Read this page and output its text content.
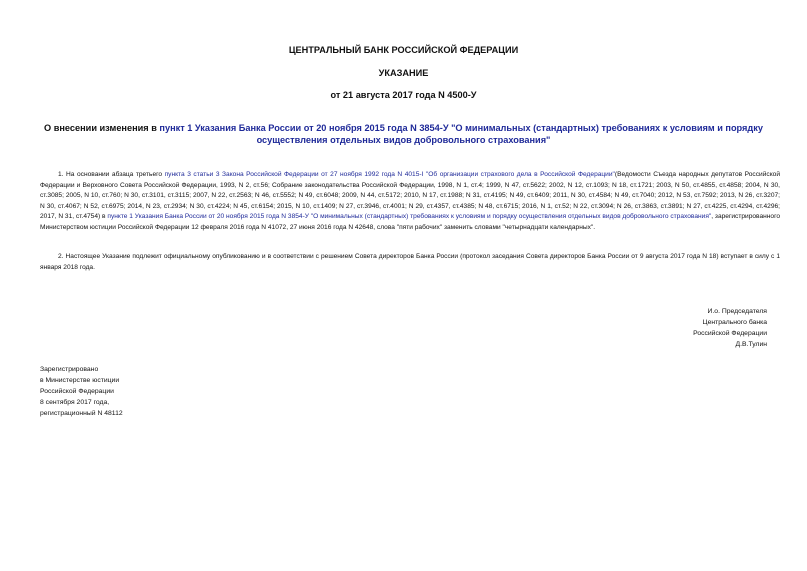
ЦЕНТРАЛЬНЫЙ БАНК РОССИЙСКОЙ ФЕДЕРАЦИИ
УКАЗАНИЕ
от 21 августа 2017 года N 4500-У
О внесении изменения в пункт 1 Указания Банка России от 20 ноября 2015 года N 3854-У "О минимальных (стандартных) требованиях к условиям и порядку осуществления отдельных видов добровольного страхования"
1. На основании абзаца третьего пункта 3 статьи 3 Закона Российской Федерации от 27 ноября 1992 года N 4015-I "Об организации страхового дела в Российской Федерации"(Ведомости Съезда народных депутатов Российской Федерации и Верховного Совета Российской Федерации, 1993, N 2, ст.56; Собрание законодательства Российской Федерации, 1998, N 1, ст.4; 1999, N 47, ст.5622; 2002, N 12, ст.1093; N 18, ст.1721; 2003, N 50, ст.4855, ст.4858; 2004, N 30, ст.3085; 2005, N 10, ст.760; N 30, ст.3101, ст.3115; 2007, N 22, ст.2563; N 46, ст.5552; N 49, ст.6048; 2009, N 44, ст.5172; 2010, N 17, ст.1988; N 31, ст.4195; N 49, ст.6409; 2011, N 30, ст.4584; N 49, ст.7040; 2012, N 53, ст.7592; 2013, N 26, ст.3207; N 30, ст.4067; N 52, ст.6975; 2014, N 23, ст.2934; N 30, ст.4224; N 45, ст.6154; 2015, N 10, ст.1409; N 27, ст.3946, ст.4001; N 29, ст.4357, ст.4385; N 48, ст.6715; 2016, N 1, ст.52; N 22, ст.3094; N 26, ст.3863, ст.3891; N 27, ст.4225, ст.4294, ст.4296; 2017, N 31, ст.4754) в пункте 1 Указания Банка России от 20 ноября 2015 года N 3854-У "О минимальных (стандартных) требованиях к условиям и порядку осуществления отдельных видов добровольного страхования", зарегистрированного Министерством юстиции Российской Федерации 12 февраля 2016 года N 41072, 27 июня 2016 года N 42648, слова "пяти рабочих" заменить словами "четырнадцати календарных".
2. Настоящее Указание подлежит официальному опубликованию и в соответствии с решением Совета директоров Банка России (протокол заседания Совета директоров Банка России от 9 августа 2017 года N 18) вступает в силу с 1 января 2018 года.
И.о. Председателя
Центрального банка
Российской Федерации
Д.В.Тулин
Зарегистрировано
в Министерстве юстиции
Российской Федерации
8 сентября 2017 года,
регистрационный N 48112
